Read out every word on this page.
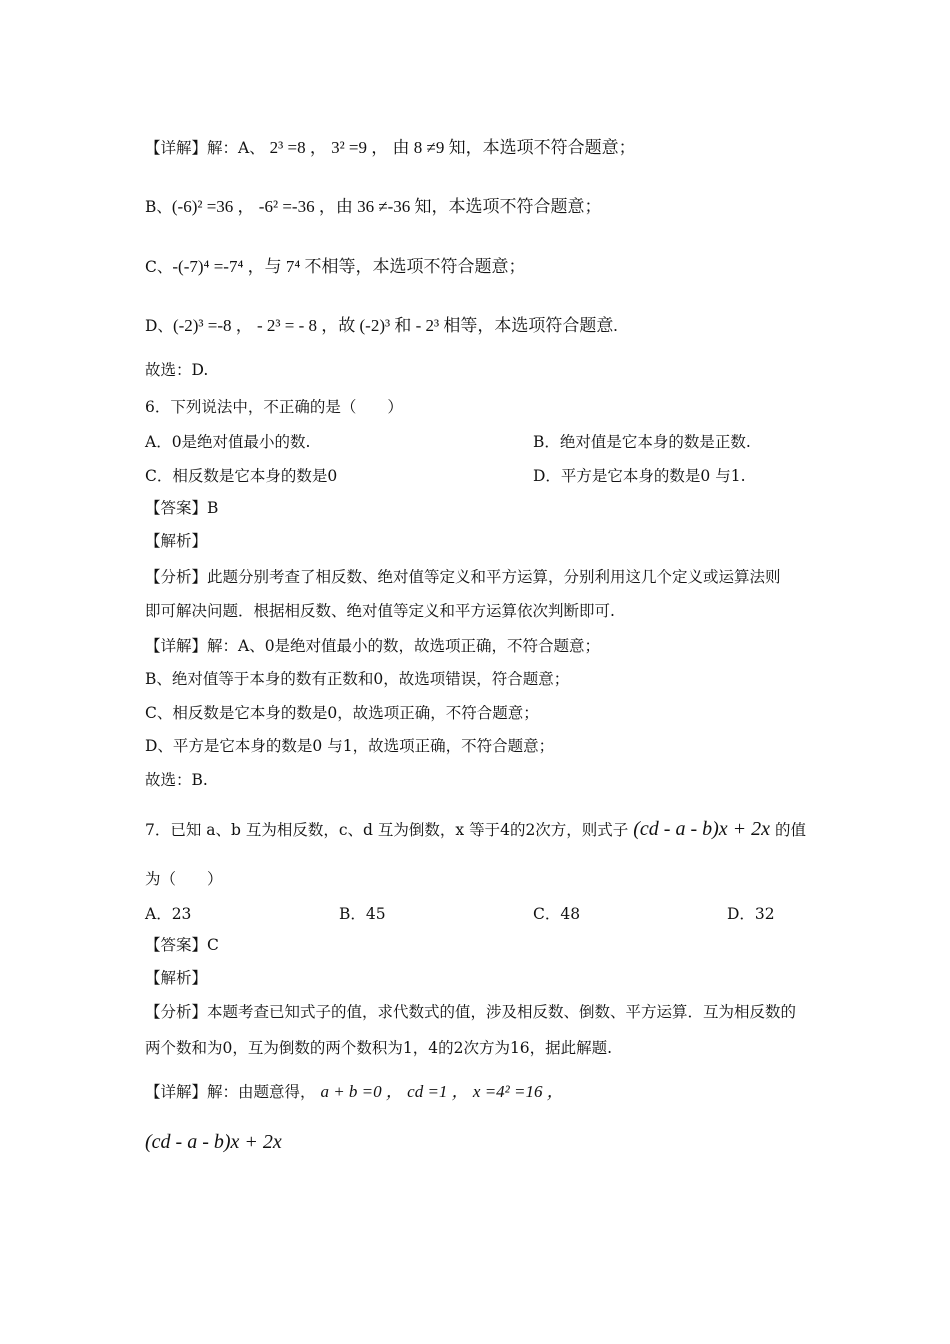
【详解】解：A、 2³ =8 ， 3² =9 ， 由 8 ≠9 知，本选项不符合题意；
B、(-6)² =36 ， -6² =-36 ，由 36 ≠-36 知，本选项不符合题意；
C、-(-7)⁴ =-7⁴ ，与 7⁴ 不相等，本选项不符合题意；
D、(-2)³ =-8 ， - 2³ = - 8 ，故 (-2)³ 和 - 2³ 相等，本选项符合题意.
故选：D.
6．下列说法中，不正确的是（　　）
A．0是绝对值最小的数.	B．绝对值是它本身的数是正数.
C．相反数是它本身的数是0	D．平方是它本身的数是0 与1.
【答案】B
【解析】
【分析】此题分别考查了相反数、绝对值等定义和平方运算，分别利用这几个定义或运算法则
即可解决问题．根据相反数、绝对值等定义和平方运算依次判断即可.
【详解】解：A、0是绝对值最小的数，故选项正确，不符合题意；
B、绝对值等于本身的数有正数和0，故选项错误，符合题意；
C、相反数是它本身的数是0，故选项正确，不符合题意；
D、平方是它本身的数是0 与1，故选项正确，不符合题意；
故选：B.
7．已知 a、b 互为相反数，c、d 互为倒数，x 等于4的2次方，则式子 (cd - a - b)x + 2x 的值
为（　　）
A．23	B．45	C．48	D．32
【答案】C
【解析】
【分析】本题考查已知式子的值，求代数式的值，涉及相反数、倒数、平方运算．互为相反数的
两个数和为0，互为倒数的两个数积为1，4的2次方为16，据此解题.
【详解】解：由题意得， a + b =0 ， cd =1 ， x =4² =16 ，
(cd - a - b)x + 2x
